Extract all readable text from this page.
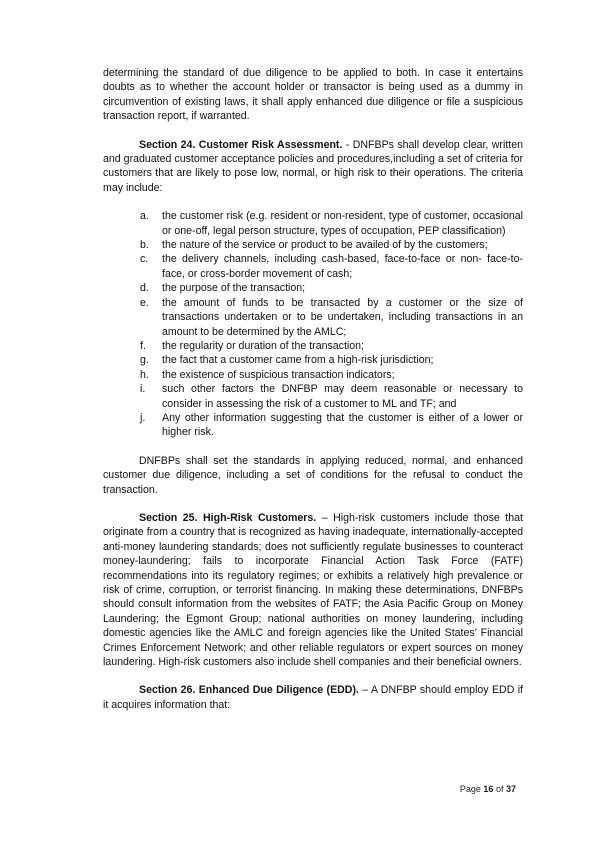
determining the standard of due diligence to be applied to both. In case it entertains doubts as to whether the account holder or transactor is being used as a dummy in circumvention of existing laws, it shall apply enhanced due diligence or file a suspicious transaction report, if warranted.

Section 24. Customer Risk Assessment. - DNFBPs shall develop clear, written and graduated customer acceptance policies and procedures,including a set of criteria for customers that are likely to pose low, normal, or high risk to their operations. The criteria may include:

a.	the customer risk (e.g. resident or non-resident, type of customer, occasional or one-off, legal person structure, types of occupation, PEP classification)
b.	the nature of the service or product to be availed of by the customers;
c.	the delivery channels, including cash-based, face-to-face or non- face-to-face, or cross-border movement of cash;
d.	the purpose of the transaction;
e.	the amount of funds to be transacted by a customer or the size of transactions undertaken or to be undertaken, including transactions in an amount to be determined by the AMLC;
f.	the regularity or duration of the transaction;
g.	the fact that a customer came from a high-risk jurisdiction;
h.	the existence of suspicious transaction indicators;
i.	such other factors the DNFBP may deem reasonable or necessary to consider in assessing the risk of a customer to ML and TF; and
j.	Any other information suggesting that the customer is either of a lower or higher risk.

DNFBPs shall set the standards in applying reduced, normal, and enhanced customer due diligence, including a set of conditions for the refusal to conduct the transaction.

Section 25. High-Risk Customers. – High-risk customers include those that originate from a country that is recognized as having inadequate, internationally-accepted anti-money laundering standards; does not sufficiently regulate businesses to counteract money-laundering; fails to incorporate Financial Action Task Force (FATF) recommendations into its regulatory regimes; or exhibits a relatively high prevalence or risk of crime, corruption, or terrorist financing. In making these determinations, DNFBPs should consult information from the websites of FATF; the Asia Pacific Group on Money Laundering; the Egmont Group; national authorities on money laundering, including domestic agencies like the AMLC and foreign agencies like the United States’ Financial Crimes Enforcement Network; and other reliable regulators or expert sources on money laundering. High-risk customers also include shell companies and their beneficial owners.

Section 26. Enhanced Due Diligence (EDD). – A DNFBP should employ EDD if it acquires information that:

Page 16 of 37
